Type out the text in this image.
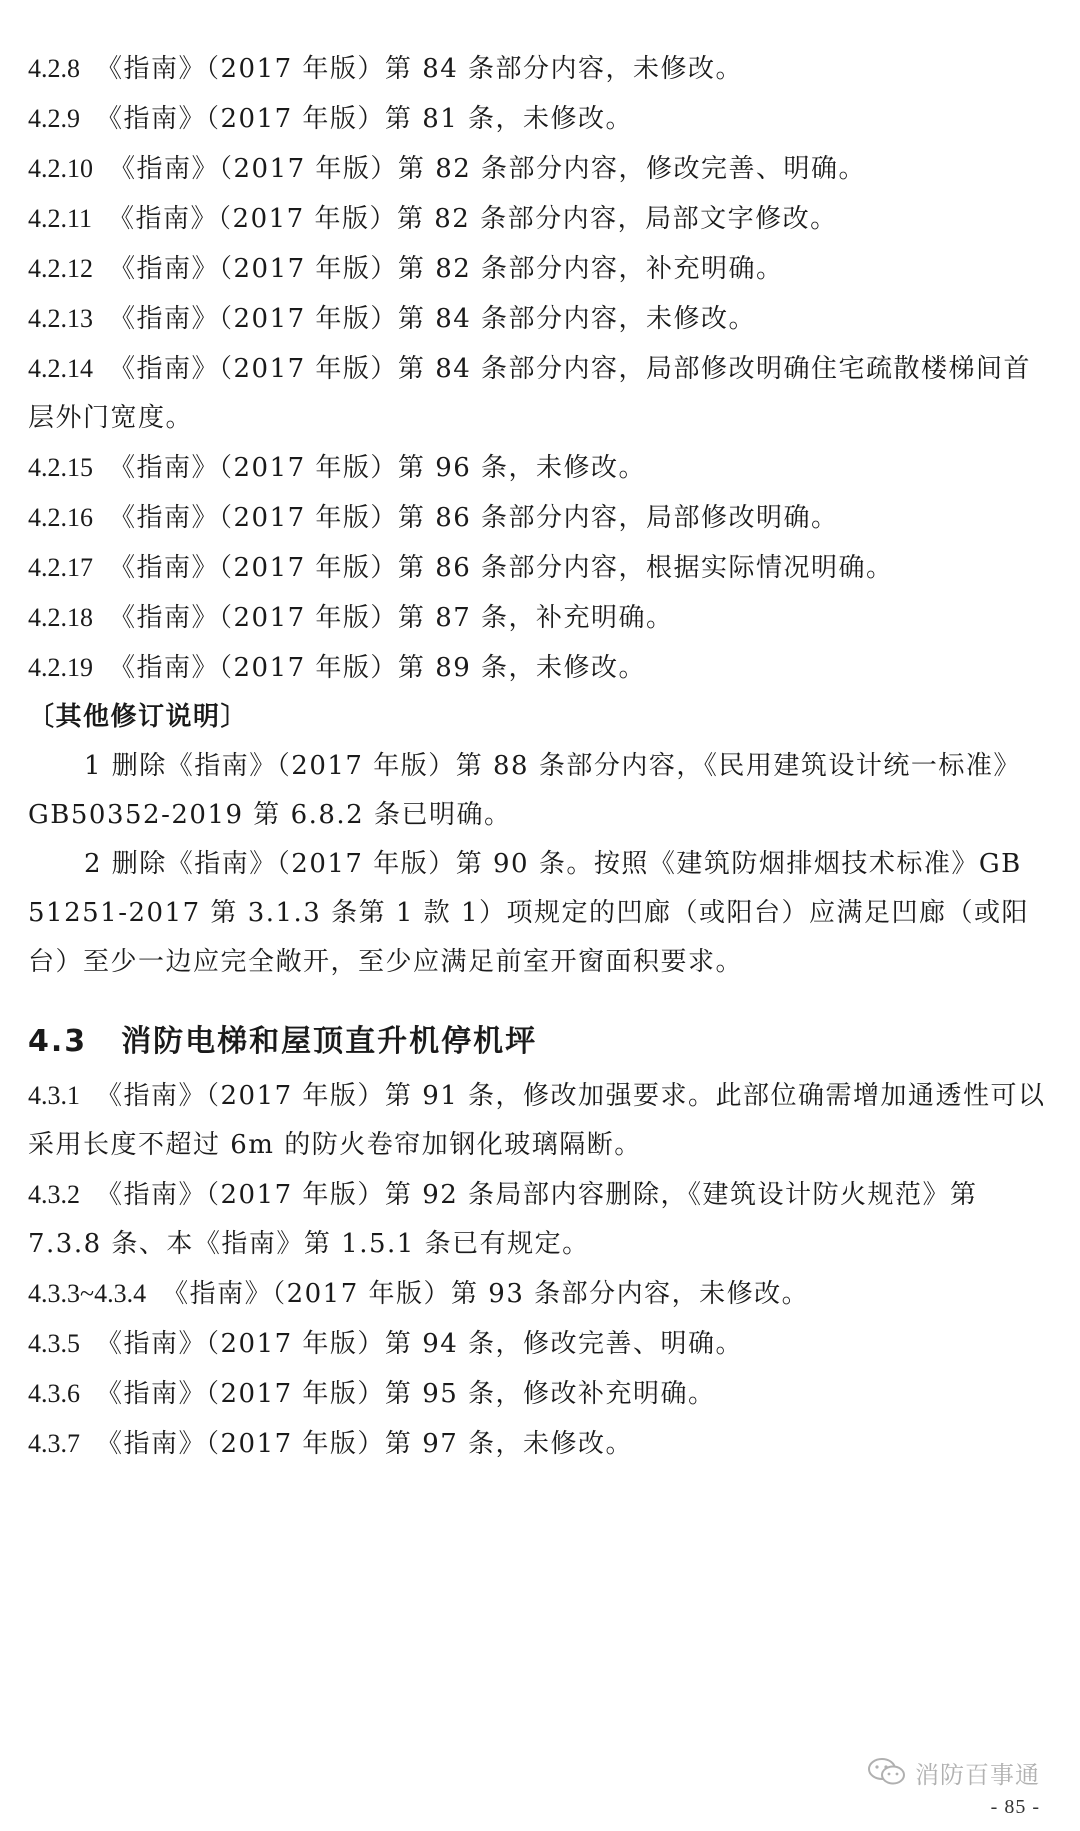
4.2.8 《指南》（2017 年版）第 84 条部分内容，未修改。
4.2.9 《指南》（2017 年版）第 81 条，未修改。
4.2.10 《指南》（2017 年版）第 82 条部分内容，修改完善、明确。
4.2.11 《指南》（2017 年版）第 82 条部分内容，局部文字修改。
4.2.12 《指南》（2017 年版）第 82 条部分内容，补充明确。
4.2.13 《指南》（2017 年版）第 84 条部分内容，未修改。
4.2.14 《指南》（2017 年版）第 84 条部分内容，局部修改明确住宅疏散楼梯间首层外门宽度。
4.2.15 《指南》（2017 年版）第 96 条，未修改。
4.2.16 《指南》（2017 年版）第 86 条部分内容，局部修改明确。
4.2.17 《指南》（2017 年版）第 86 条部分内容，根据实际情况明确。
4.2.18 《指南》（2017 年版）第 87 条，补充明确。
4.2.19 《指南》（2017 年版）第 89 条，未修改。
〔其他修订说明〕
1 删除《指南》（2017 年版）第 88 条部分内容，《民用建筑设计统一标准》GB50352-2019 第 6.8.2 条已明确。
2 删除《指南》（2017 年版）第 90 条。按照《建筑防烟排烟技术标准》GB 51251-2017 第 3.1.3 条第 1 款 1）项规定的凹廊（或阳台）应满足凹廊（或阳台）至少一边应完全敞开，至少应满足前室开窗面积要求。
4.3 消防电梯和屋顶直升机停机坪
4.3.1 《指南》（2017 年版）第 91 条，修改加强要求。此部位确需增加通透性可以采用长度不超过 6m 的防火卷帘加钢化玻璃隔断。
4.3.2 《指南》（2017 年版）第 92 条局部内容删除，《建筑设计防火规范》第 7.3.8 条、本《指南》第 1.5.1 条已有规定。
4.3.3~4.3.4 《指南》（2017 年版）第 93 条部分内容，未修改。
4.3.5 《指南》（2017 年版）第 94 条，修改完善、明确。
4.3.6 《指南》（2017 年版）第 95 条，修改补充明确。
4.3.7 《指南》（2017 年版）第 97 条，未修改。
消防百事通
- 85 -
